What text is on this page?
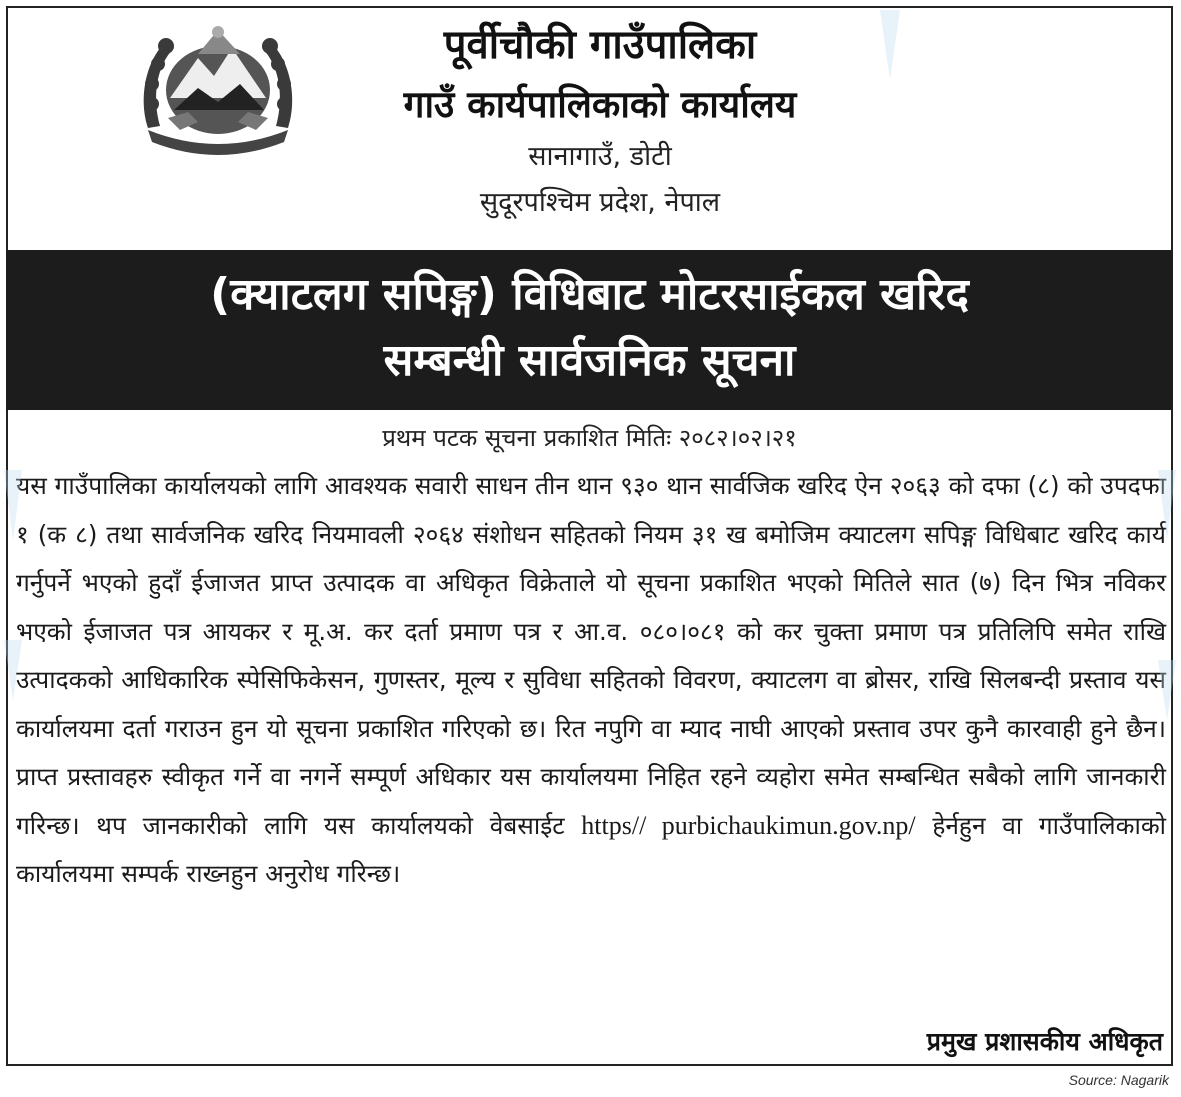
पूर्वीचौकी गाउँपालिका
गाउँ कार्यपालिकाको कार्यालय
सानागाउँ, डोटी
सुदूरपश्चिम प्रदेश, नेपाल
(क्याटलग सपिङ्ग) विधिबाट मोटरसाईकल खरिद
सम्बन्धी सार्वजनिक सूचना
प्रथम पटक सूचना प्रकाशित मितिः २०८२।०२।२१
यस गाउँपालिका कार्यालयको लागि आवश्यक सवारी साधन तीन थान ९३० थान सार्वजिक खरिद ऐन २०६३ को दफा (८) को उपदफा १ (क ८) तथा सार्वजनिक खरिद नियमावली २०६४ संशोधन सहितको नियम ३१ ख बमोजिम क्याटलग सपिङ्ग विधिबाट खरिद कार्य गर्नुपर्ने भएको हुदाँ ईजाजत प्राप्त उत्पादक वा अधिकृत विक्रेताले यो सूचना प्रकाशित भएको मितिले सात (७) दिन भित्र नविकर भएको ईजाजत पत्र आयकर र मू.अ. कर दर्ता प्रमाण पत्र र आ.व. ०८०।०८१ को कर चुक्ता प्रमाण पत्र प्रतिलिपि समेत राखि उत्पादकको आधिकारिक स्पेसिफिकेसन, गुणस्तर, मूल्य र सुविधा सहितको विवरण, क्याटलग वा ब्रोसर, राखि सिलबन्दी प्रस्ताव यस कार्यालयमा दर्ता गराउन हुन यो सूचना प्रकाशित गरिएको छ। रित नपुगि वा म्याद नाघी आएको प्रस्ताव उपर कुनै कारवाही हुने छैन। प्राप्त प्रस्तावहरु स्वीकृत गर्ने वा नगर्ने सम्पूर्ण अधिकार यस कार्यालयमा निहित रहने व्यहोरा समेत सम्बन्धित सबैको लागि जानकारी गरिन्छ। थप जानकारीको लागि यस कार्यालयको वेबसाईट https// purbichaukimun.gov.np/ हेर्नहुन वा गाउँपालिकाको कार्यालयमा सम्पर्क राख्नहुन अनुरोध गरिन्छ।
प्रमुख प्रशासकीय अधिकृत
Source: Nagarik
